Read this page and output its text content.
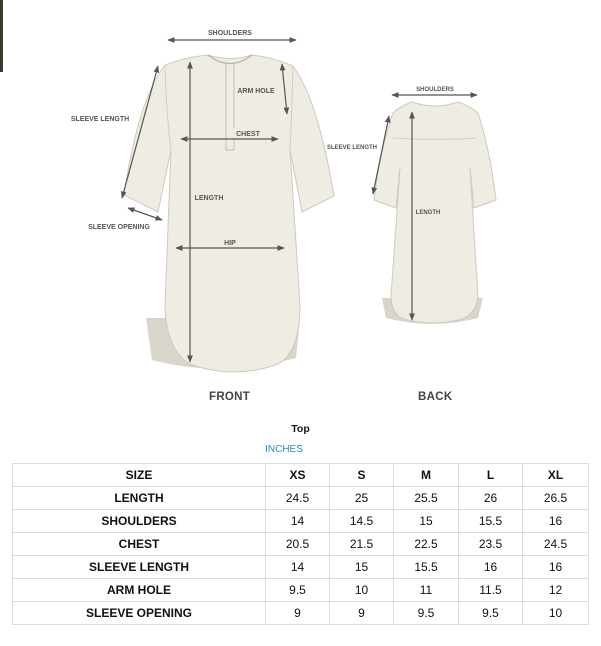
SHOULDERS
ARM HOLE
SLEEVE LENGTH
CHEST
LENGTH
SLEEVE OPENING
HIP
SHOULDERS
SLEEVE LENGTH
LENGTH
FRONT	BACK
Top
INCHES
SIZE	XS	S	M	L	XL
LENGTH	24.5	25	25.5	26	26.5
SHOULDERS	14	14.5	15	15.5	16
CHEST	20.5	21.5	22.5	23.5	24.5
SLEEVE LENGTH	14	15	15.5	16	16
ARM HOLE	9.5	10	11	11.5	12
SLEEVE OPENING	9	9	9.5	9.5	10
